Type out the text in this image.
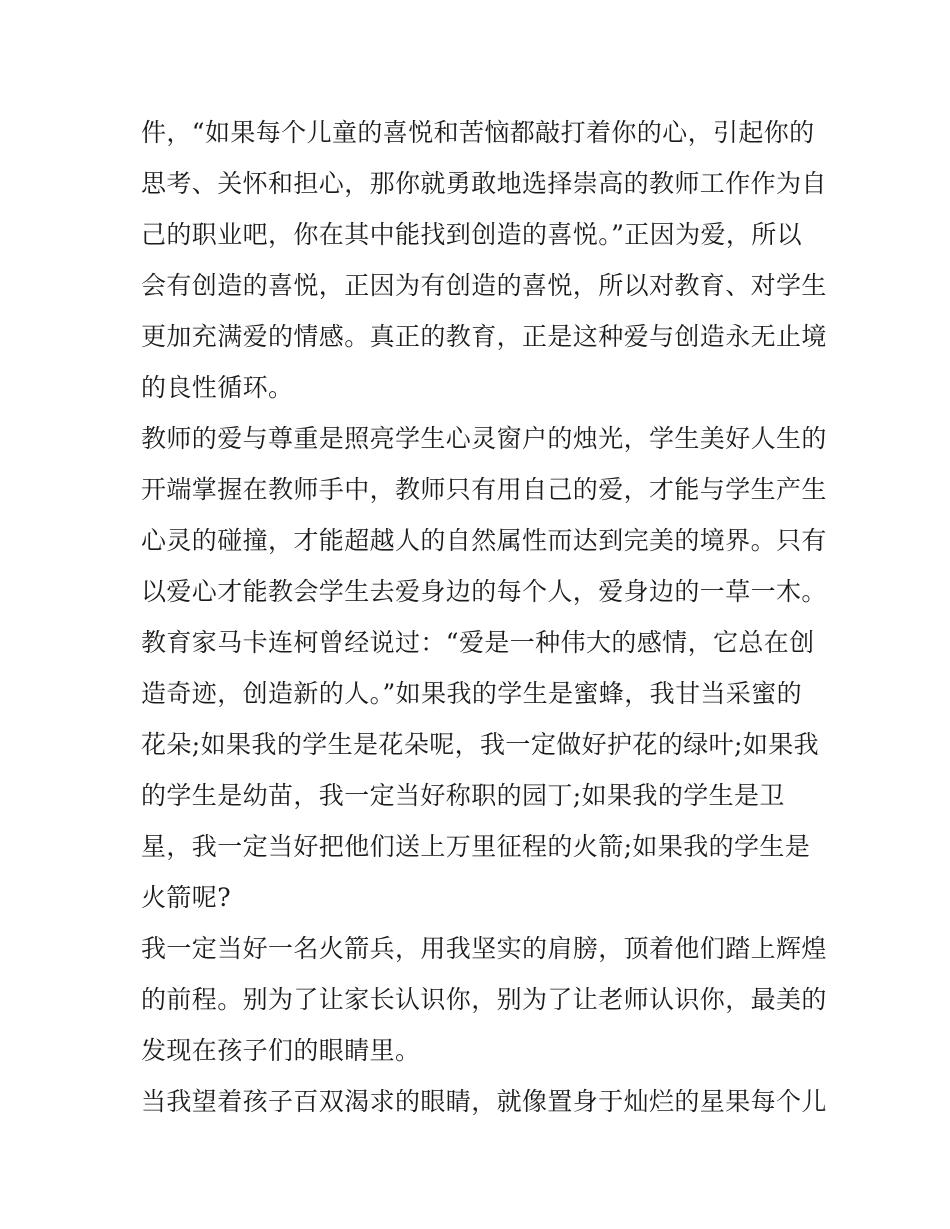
件，“如果每个儿童的喜悦和苦恼都敲打着你的心，引起你的
思考、关怀和担心，那你就勇敢地选择崇高的教师工作作为自
己的职业吧，你在其中能找到创造的喜悦。”正因为爱，所以
会有创造的喜悦，正因为有创造的喜悦，所以对教育、对学生
更加充满爱的情感。真正的教育，正是这种爱与创造永无止境
的良性循环。
教师的爱与尊重是照亮学生心灵窗户的烛光，学生美好人生的
开端掌握在教师手中，教师只有用自己的爱，才能与学生产生
心灵的碰撞，才能超越人的自然属性而达到完美的境界。只有
以爱心才能教会学生去爱身边的每个人，爱身边的一草一木。
教育家马卡连柯曾经说过：“爱是一种伟大的感情，它总在创
造奇迹，创造新的人。”如果我的学生是蜜蜂，我甘当采蜜的
花朵;如果我的学生是花朵呢，我一定做好护花的绿叶;如果我
的学生是幼苗，我一定当好称职的园丁;如果我的学生是卫
星，我一定当好把他们送上万里征程的火箭;如果我的学生是
火箭呢?
我一定当好一名火箭兵，用我坚实的肩膀，顶着他们踏上辉煌
的前程。别为了让家长认识你，别为了让老师认识你，最美的
发现在孩子们的眼睛里。
当我望着孩子百双渴求的眼睛，就像置身于灿烂的星果每个儿
